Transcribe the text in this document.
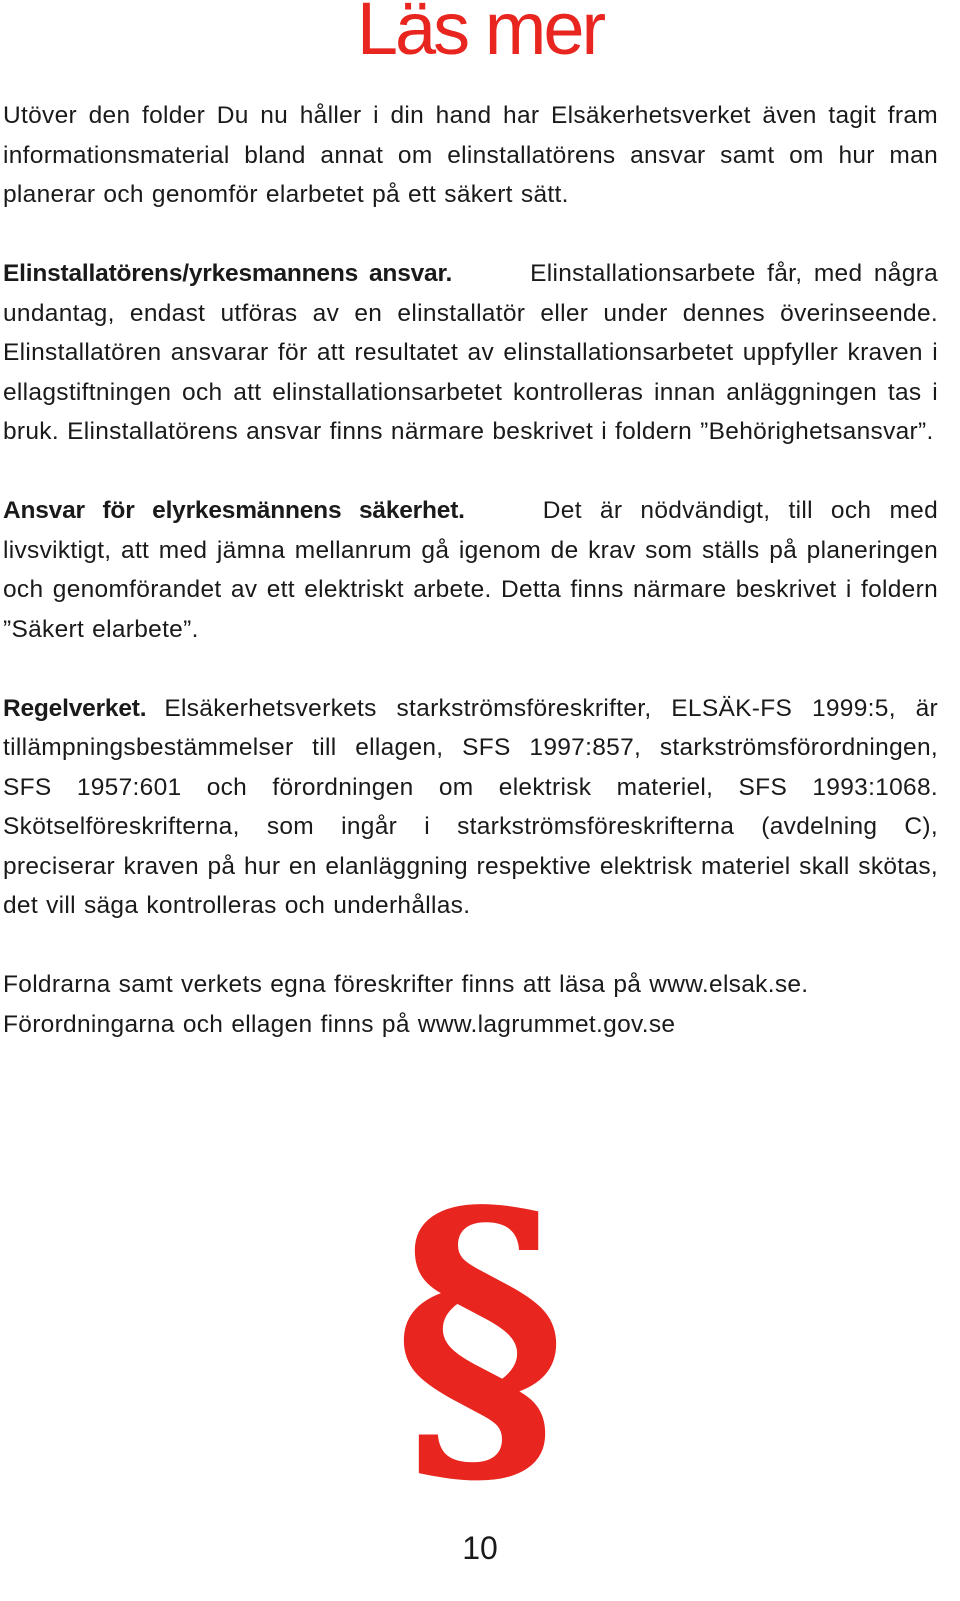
Läs mer

Utöver den folder Du nu håller i din hand har Elsäkerhetsverket även tagit fram informationsmaterial bland annat om elinstallatörens ansvar samt om hur man planerar och genomför elarbetet på ett säkert sätt.

Elinstallatörens/yrkesmannens ansvar.	Elinstallationsarbete får, med några undantag, endast utföras av en elinstallatör eller under dennes överinseende. Elinstallatören ansvarar för att resultatet av elinstallationsarbetet uppfyller kraven i ellagstiftningen och att elinstallationsarbetet kontrolleras innan anläggningen tas i bruk. Elinstallatörens ansvar finns närmare beskrivet i foldern ”Behörighetsansvar”.

Ansvar för elyrkesmännens säkerhet.	Det är nödvändigt, till och med livsviktigt, att med jämna mellanrum gå igenom de krav som ställs på planeringen och genomförandet av ett elektriskt arbete. Detta finns närmare beskrivet i foldern ”Säkert elarbete”.

Regelverket. Elsäkerhetsverkets starkströmsföreskrifter, ELSÄK-FS 1999:5, är tillämpningsbestämmelser till ellagen, SFS 1997:857, starkströmsförordningen, SFS 1957:601 och förordningen om elektrisk materiel, SFS 1993:1068. Skötselföreskrifterna, som ingår i starkströmsföreskrifterna (avdelning C), preciserar kraven på hur en elanläggning respektive elektrisk materiel skall skötas, det vill säga kontrolleras och underhållas.

Foldrarna samt verkets egna föreskrifter finns att läsa på www.elsak.se.

Förordningarna och ellagen finns på www.lagrummet.gov.se

§
10
